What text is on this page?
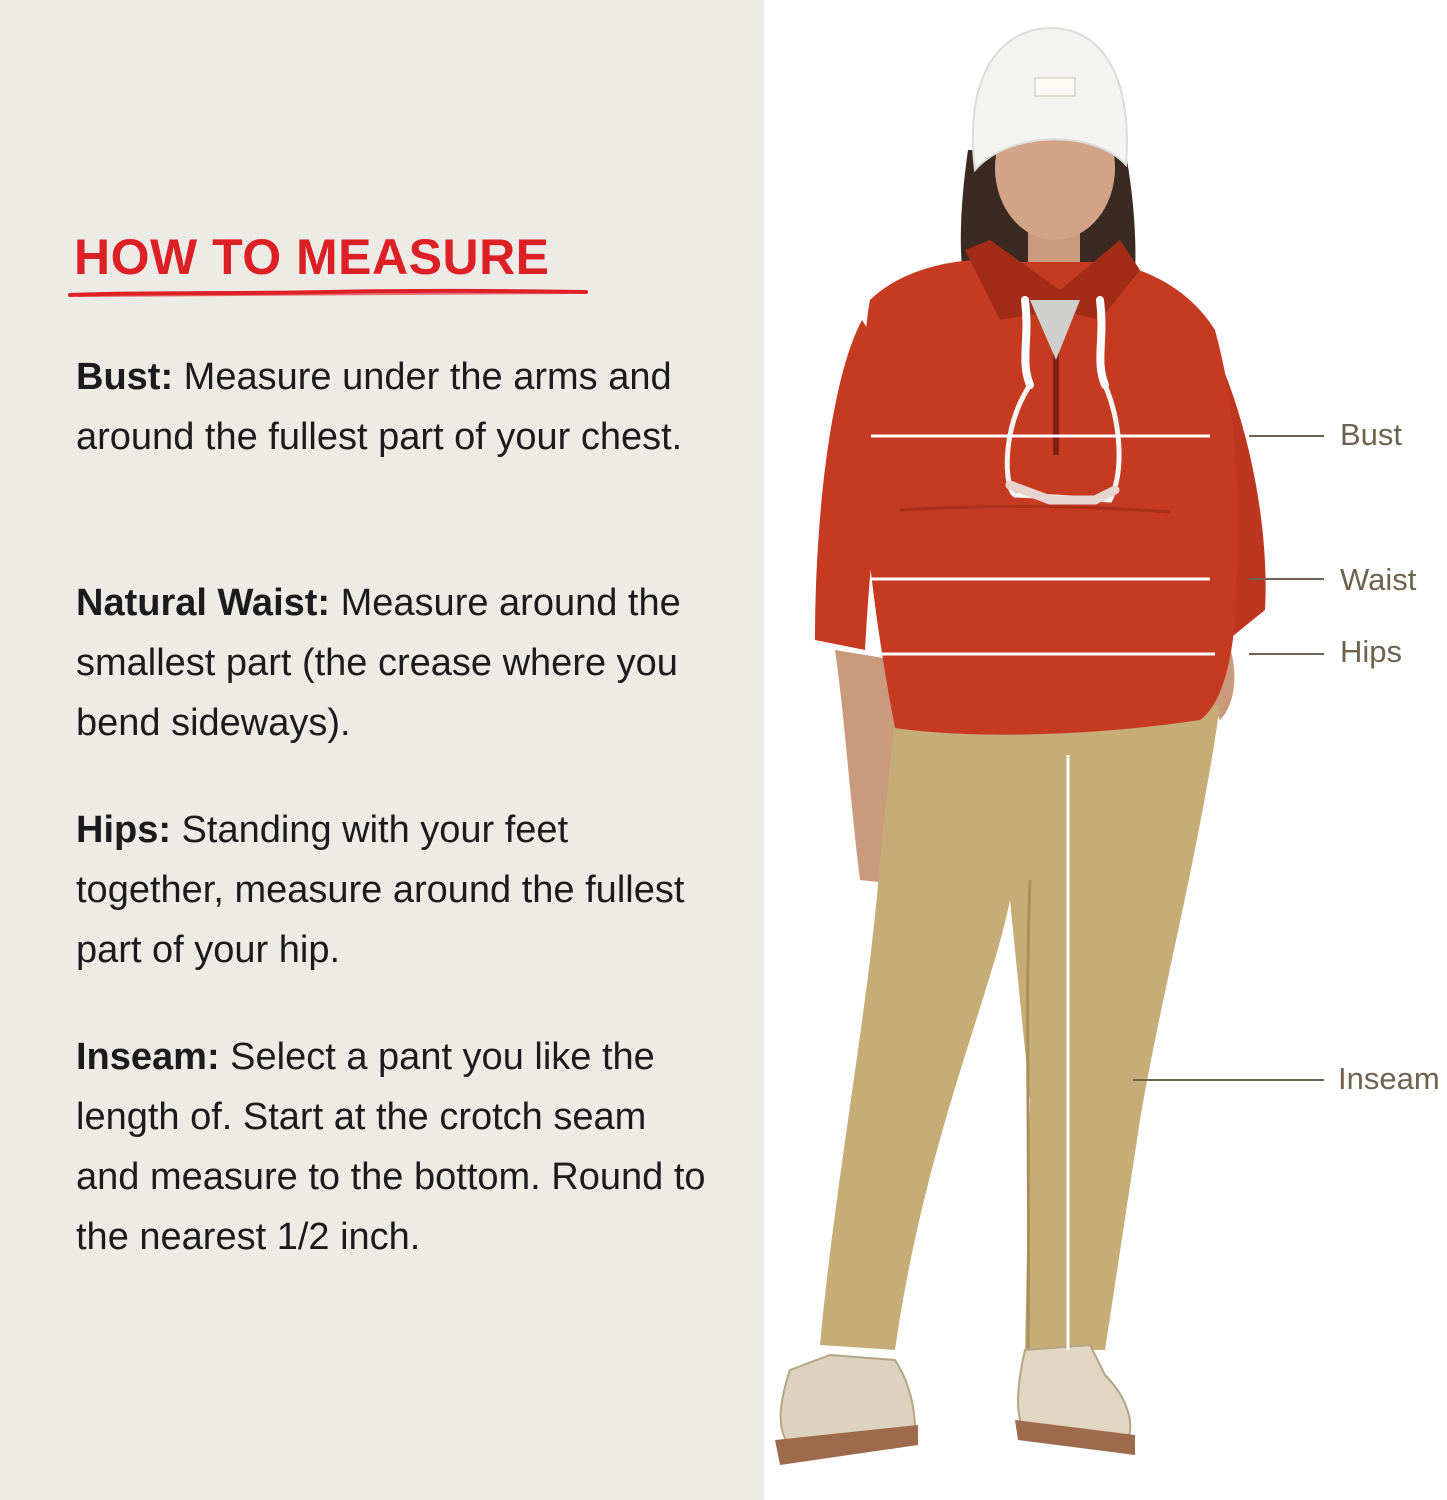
HOW TO MEASURE

Bust: Measure under the arms and around the fullest part of your chest.

Natural Waist: Measure around the smallest part (the crease where you bend sideways).

Hips: Standing with your feet together, measure around the fullest part of your hip.

Inseam: Select a pant you like the length of. Start at the crotch seam and measure to the bottom. Round to the nearest 1/2 inch.

Bust
Waist
Hips
Inseam
